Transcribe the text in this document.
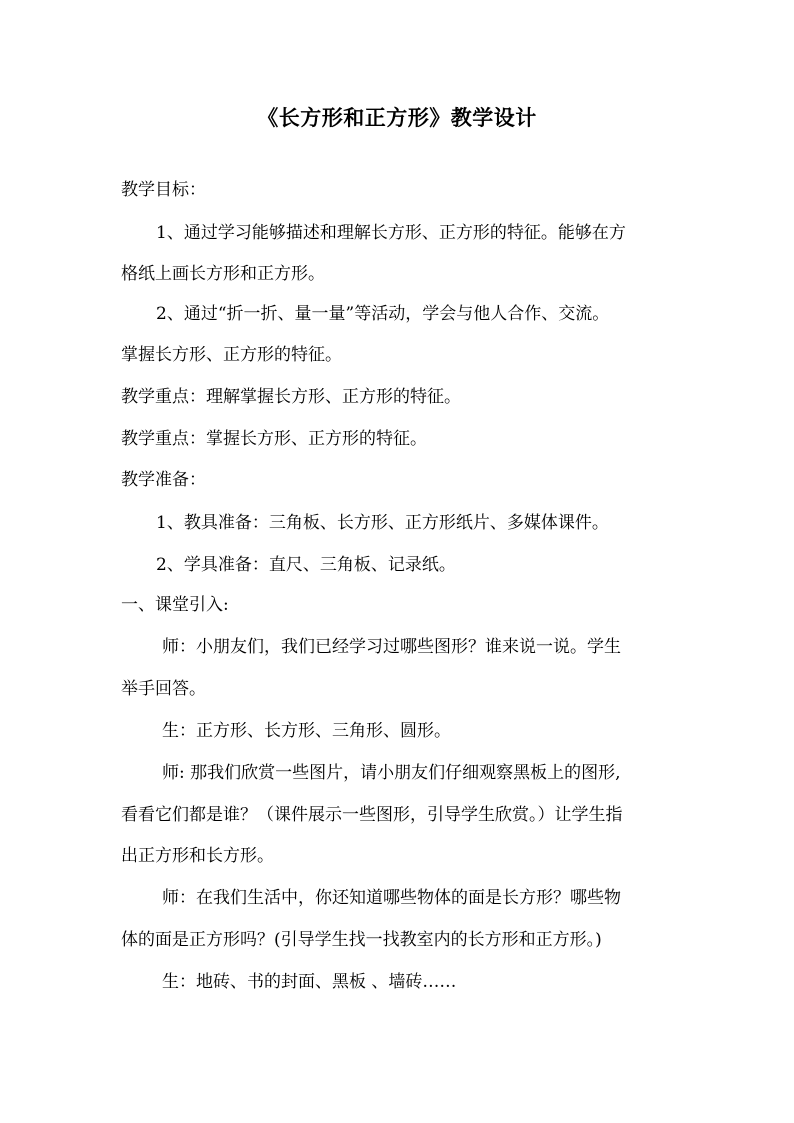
《长方形和正方形》教学设计
教学目标：
1、通过学习能够描述和理解长方形、正方形的特征。能够在方
格纸上画长方形和正方形。
2、通过“折一折、量一量”等活动，学会与他人合作、交流。
掌握长方形、正方形的特征。
教学重点：理解掌握长方形、正方形的特征。
教学重点：掌握长方形、正方形的特征。
教学准备：
1、教具准备：三角板、长方形、正方形纸片、多媒体课件。
2、学具准备：直尺、三角板、记录纸。
一、课堂引入:
师：小朋友们，我们已经学习过哪些图形？谁来说一说。学生
举手回答。
生：正方形、长方形、三角形、圆形。
师: 那我们欣赏一些图片，请小朋友们仔细观察黑板上的图形,
看看它们都是谁？（课件展示一些图形，引导学生欣赏。）让学生指
出正方形和长方形。
师：在我们生活中，你还知道哪些物体的面是长方形？哪些物
体的面是正方形吗？(引导学生找一找教室内的长方形和正方形。)
生：地砖、书的封面、黑板 、墙砖……
